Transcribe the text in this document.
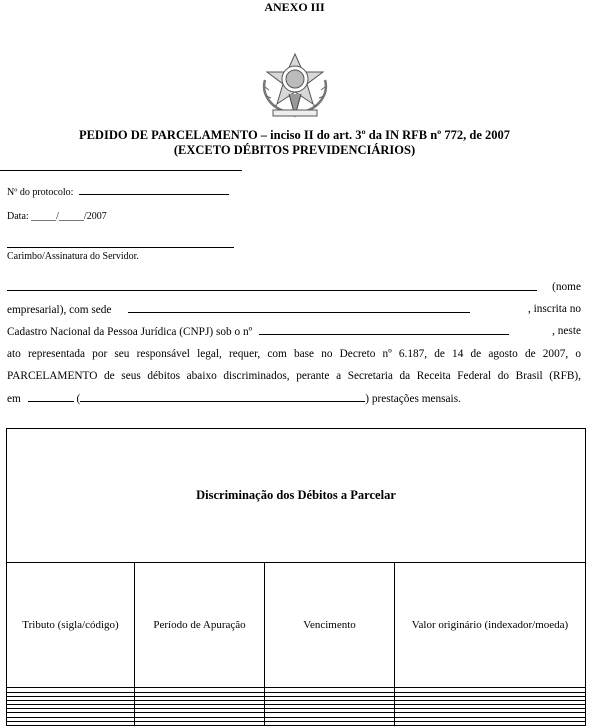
ANEXO III
PEDIDO DE PARCELAMENTO – inciso II do art. 3º da IN RFB nº 772, de 2007
(EXCETO DÉBITOS PREVIDENCIÁRIOS)
Nº do protocolo:
Data: _____/_____/2007
Carimbo/Assinatura do Servidor.
(nome
empresarial), com sede	, inscrita no
Cadastro Nacional da Pessoa Jurídica (CNPJ) sob o nº	, neste
ato representada por seu responsável legal, requer, com base no Decreto nº 6.187, de 14 de agosto de 2007, o
PARCELAMENTO de seus débitos abaixo discriminados, perante a Secretaria da Receita Federal do Brasil (RFB),
em	(	) prestações mensais.
Discriminação dos Débitos a Parcelar			
Tributo (sigla/código)	Período de Apuração	Vencimento	Valor originário (indexador/moeda)
